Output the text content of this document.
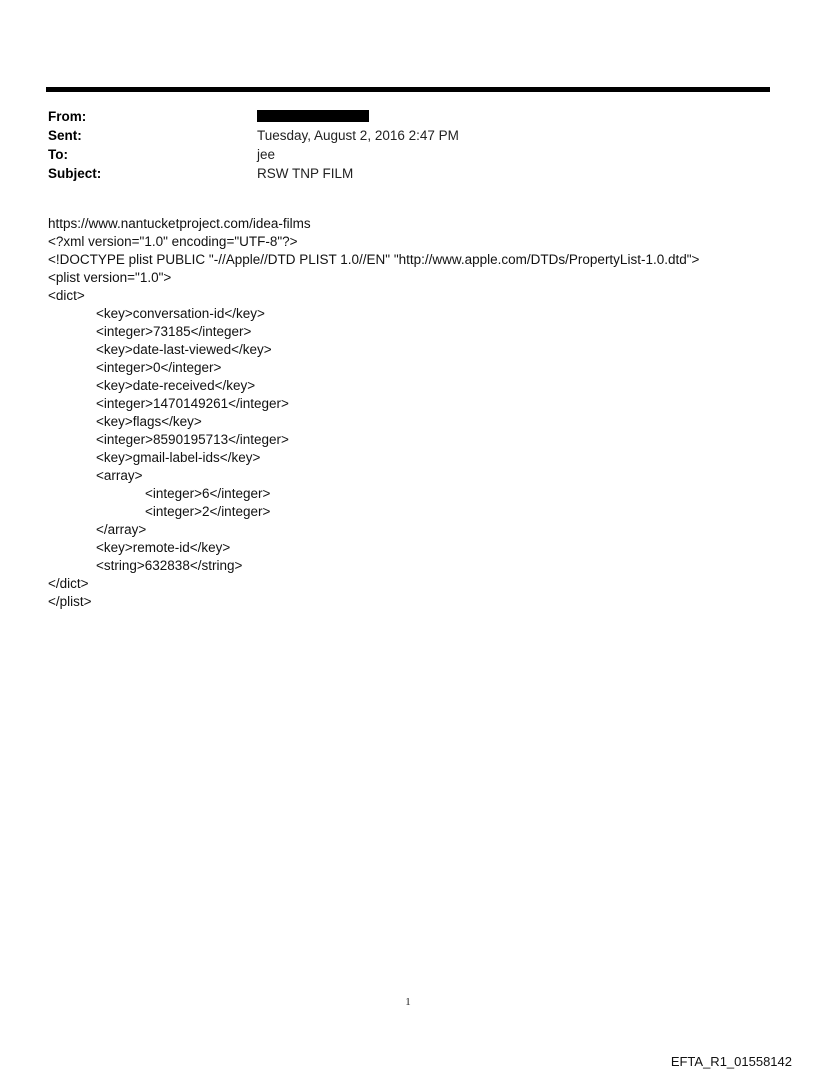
From:
Sent:	Tuesday, August 2, 2016 2:47 PM
To:	jee
Subject:	RSW TNP FILM
https://www.nantucketproject.com/idea-films
<?xml version="1.0" encoding="UTF-8"?>
<!DOCTYPE plist PUBLIC "-//Apple//DTD PLIST 1.0//EN" "http://www.apple.com/DTDs/PropertyList-1.0.dtd">
<plist version="1.0">
<dict>
<key>conversation-id</key>
<integer>73185</integer>
<key>date-last-viewed</key>
<integer>0</integer>
<key>date-received</key>
<integer>1470149261</integer>
<key>flags</key>
<integer>8590195713</integer>
<key>gmail-label-ids</key>
<array>
<integer>6</integer>
<integer>2</integer>
</array>
<key>remote-id</key>
<string>632838</string>
</dict>
</plist>
1
EFTA_R1_01558142
